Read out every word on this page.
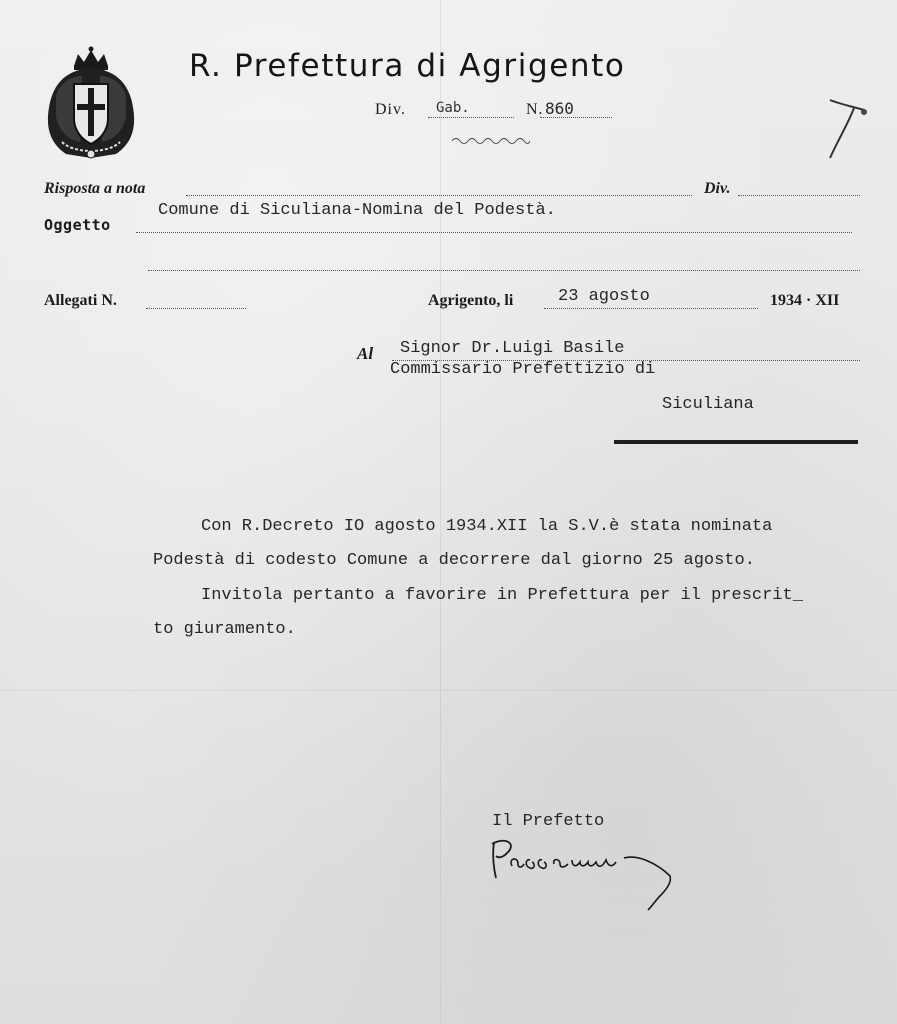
R. Prefettura di Agrigento
Div. Gab.	N. 860
Risposta a nota	Div.
Oggetto
Comune di Siculiana-Nomina del Podestà.
Allegati N.	Agrigento, li	23 agosto	1934 · XII
Al Signor Dr.Luigi Basile
Commissario Prefettizio di
Siculiana
Con R.Decreto IO agosto 1934.XII la S.V.è stata nominata
Podestà di codesto Comune a decorrere dal giorno 25 agosto.
Invitola pertanto a favorire in Prefettura per il prescrit_
to giuramento.
Il Prefetto
